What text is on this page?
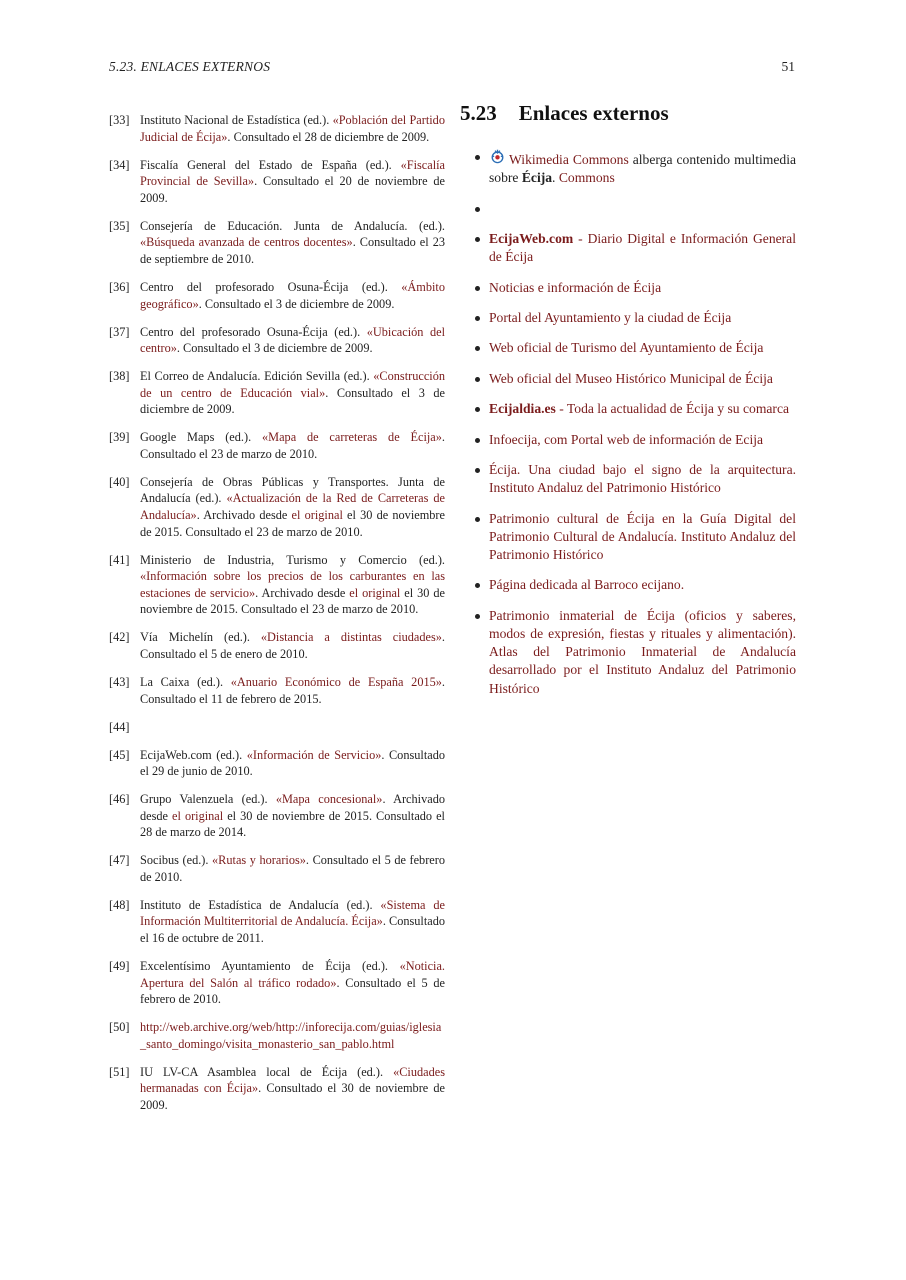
5.23. ENLACES EXTERNOS	51
[33] Instituto Nacional de Estadística (ed.). «Población del Partido Judicial de Écija». Consultado el 28 de diciembre de 2009.
[34] Fiscalía General del Estado de España (ed.). «Fiscalía Provincial de Sevilla». Consultado el 20 de noviembre de 2009.
[35] Consejería de Educación. Junta de Andalucía. (ed.). «Búsqueda avanzada de centros docentes». Consultado el 23 de septiembre de 2010.
[36] Centro del profesorado Osuna-Écija (ed.). «Ámbito geográfico». Consultado el 3 de diciembre de 2009.
[37] Centro del profesorado Osuna-Écija (ed.). «Ubicación del centro». Consultado el 3 de diciembre de 2009.
[38] El Correo de Andalucía. Edición Sevilla (ed.). «Construcción de un centro de Educación vial». Consultado el 3 de diciembre de 2009.
[39] Google Maps (ed.). «Mapa de carreteras de Écija». Consultado el 23 de marzo de 2010.
[40] Consejería de Obras Públicas y Transportes. Junta de Andalucía (ed.). «Actualización de la Red de Carreteras de Andalucía». Archivado desde el original el 30 de noviembre de 2015. Consultado el 23 de marzo de 2010.
[41] Ministerio de Industria, Turismo y Comercio (ed.). «Información sobre los precios de los carburantes en las estaciones de servicio». Archivado desde el original el 30 de noviembre de 2015. Consultado el 23 de marzo de 2010.
[42] Vía Michelín (ed.). «Distancia a distintas ciudades». Consultado el 5 de enero de 2010.
[43] La Caixa (ed.). «Anuario Económico de España 2015». Consultado el 11 de febrero de 2015.
[44]
[45] EcijaWeb.com (ed.). «Información de Servicio». Consultado el 29 de junio de 2010.
[46] Grupo Valenzuela (ed.). «Mapa concesional». Archivado desde el original el 30 de noviembre de 2015. Consultado el 28 de marzo de 2014.
[47] Socibus (ed.). «Rutas y horarios». Consultado el 5 de febrero de 2010.
[48] Instituto de Estadística de Andalucía (ed.). «Sistema de Información Multiterritorial de Andalucía. Écija». Consultado el 16 de octubre de 2011.
[49] Excelentísimo Ayuntamiento de Écija (ed.). «Noticia. Apertura del Salón al tráfico rodado». Consultado el 5 de febrero de 2010.
[50] http://web.archive.org/web/http://inforecija.com/guias/iglesia_santo_domingo/visita_monasterio_san_pablo.html
[51] IU LV-CA Asamblea local de Écija (ed.). «Ciudades hermanadas con Écija». Consultado el 30 de noviembre de 2009.
5.23 Enlaces externos
Wikimedia Commons alberga contenido multimedia sobre Écija. Commons
EcijaWeb.com - Diario Digital e Información General de Écija
Noticias e información de Écija
Portal del Ayuntamiento y la ciudad de Écija
Web oficial de Turismo del Ayuntamiento de Écija
Web oficial del Museo Histórico Municipal de Écija
Ecijaldia.es - Toda la actualidad de Écija y su comarca
Infoecija, com Portal web de información de Ecija
Écija. Una ciudad bajo el signo de la arquitectura. Instituto Andaluz del Patrimonio Histórico
Patrimonio cultural de Écija en la Guía Digital del Patrimonio Cultural de Andalucía. Instituto Andaluz del Patrimonio Histórico
Página dedicada al Barroco ecijano.
Patrimonio inmaterial de Écija (oficios y saberes, modos de expresión, fiestas y rituales y alimentación). Atlas del Patrimonio Inmaterial de Andalucía desarrollado por el Instituto Andaluz del Patrimonio Histórico
